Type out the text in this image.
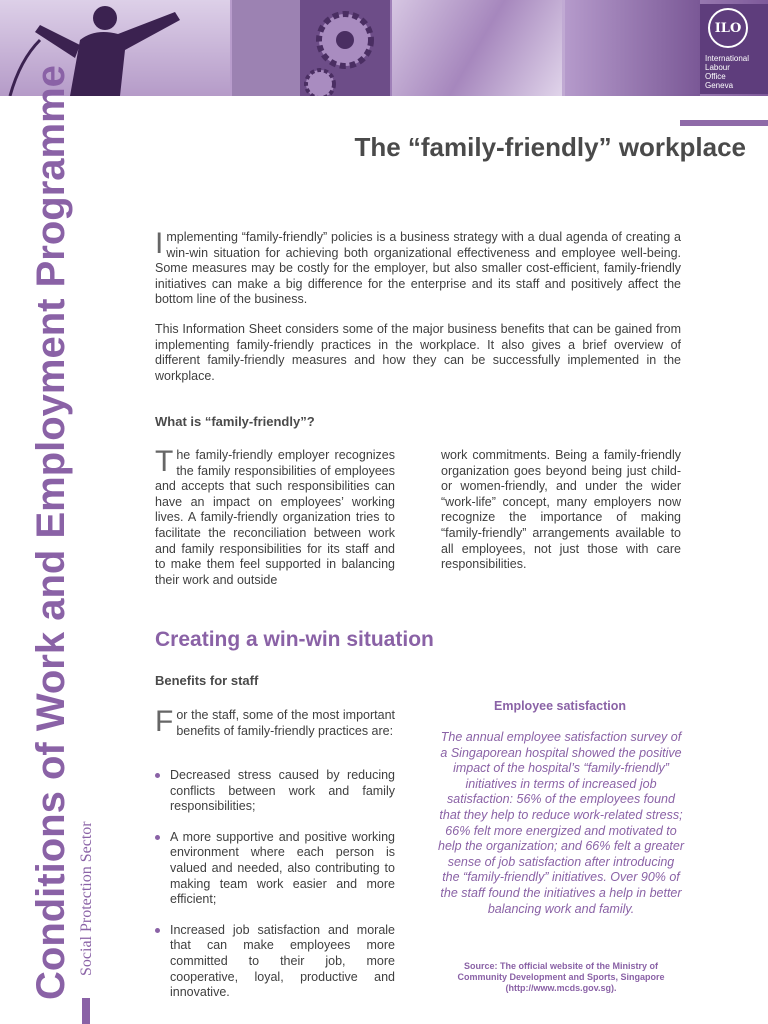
ILO
International
Labour
Office
Geneva
The “family-friendly” workplace
Conditions of Work and Employment Programme Social Protection Sector
Implementing “family-friendly” policies is a business strategy with a dual agenda of creating a win-win situation for achieving both organizational effectiveness and employee well-being. Some measures may be costly for the employer, but also smaller cost-efficient, family-friendly initiatives can make a big difference for the enterprise and its staff and positively affect the bottom line of the business.

This Information Sheet considers some of the major business benefits that can be gained from implementing family-friendly practices in the workplace. It also gives a brief overview of different family-friendly measures and how they can be successfully implemented in the workplace.

What is “family-friendly”?
The family-friendly employer recognizes the family responsibilities of employees and accepts that such responsibilities can have an impact on employees’ working lives. A family-friendly organization tries to facilitate the reconciliation between work and family responsibilities for its staff and to make them feel supported in balancing their work and outside

work commitments. Being a family-friendly organization goes beyond being just child- or women-friendly, and under the wider “work-life” concept, many employers now recognize the importance of making “family-friendly” arrangements available to all employees, not just those with care responsibilities.

Creating a win-win situation
Benefits for staff
For the staff, some of the most important benefits of family-friendly practices are:
Decreased stress caused by reducing conflicts between work and family responsibilities;
A more supportive and positive working environment where each person is valued and needed, also contributing to making team work easier and more efficient;
Increased job satisfaction and morale that can make employees more committed to their job, more cooperative, loyal, productive and innovative.
Employee satisfaction

The annual employee satisfaction survey of a Singaporean hospital showed the positive impact of the hospital’s “family-friendly” initiatives in terms of increased job satisfaction: 56% of the employees found that they help to reduce work-related stress; 66% felt more energized and motivated to help the organization; and 66% felt a greater sense of job satisfaction after introducing the “family-friendly” initiatives. Over 90% of the staff found the initiatives a help in better balancing work and family.

Source: The official website of the Ministry of Community Development and Sports, Singapore (http://www.mcds.gov.sg).
